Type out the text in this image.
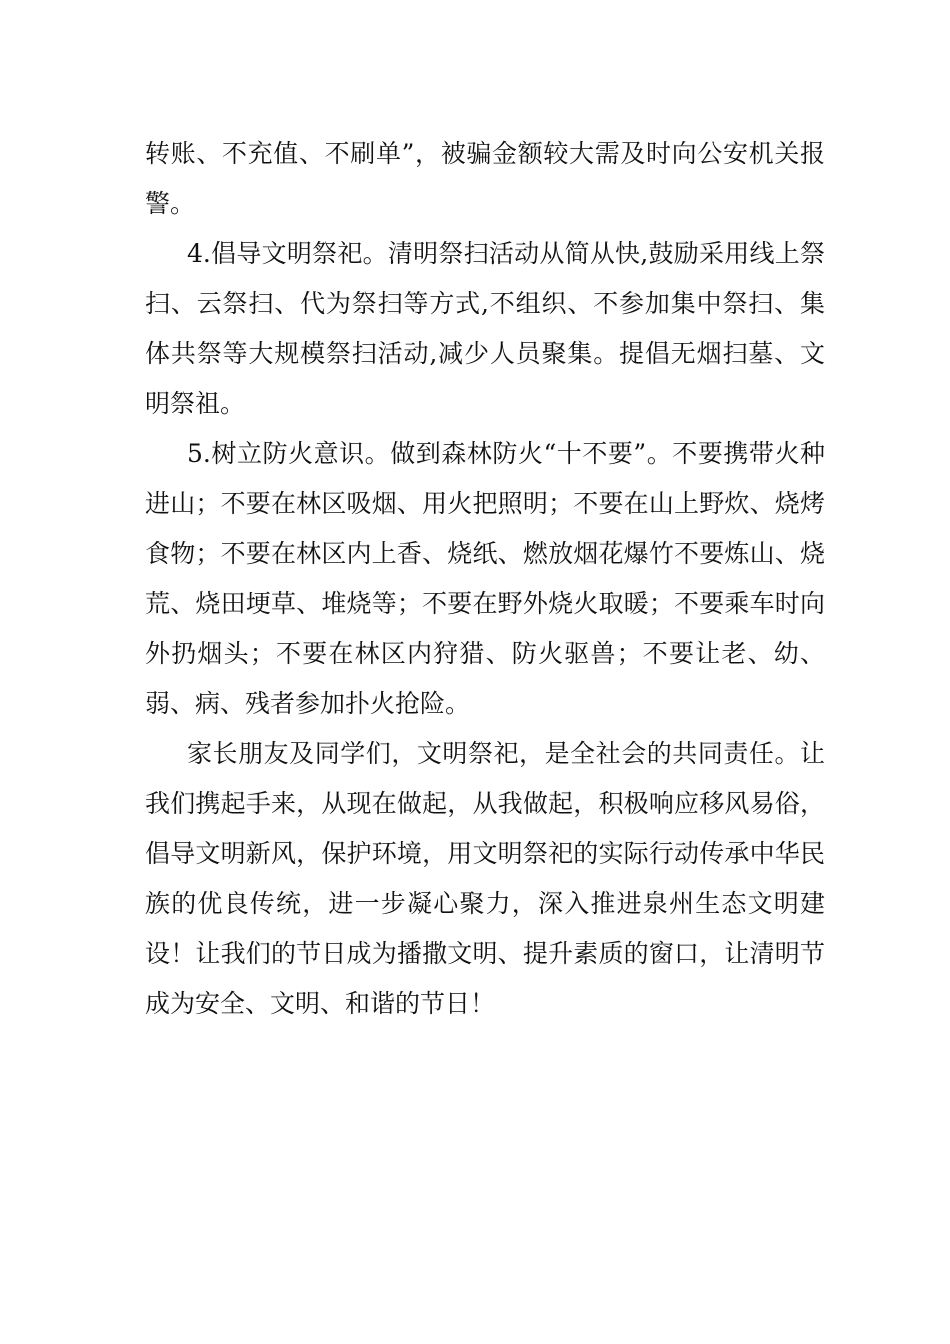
转账、不充值、不刷单”，被骗金额较大需及时向公安机关报警。

4.倡导文明祭祀。清明祭扫活动从简从快,鼓励采用线上祭扫、云祭扫、代为祭扫等方式,不组织、不参加集中祭扫、集体共祭等大规模祭扫活动,减少人员聚集。提倡无烟扫墓、文明祭祖。

5.树立防火意识。做到森林防火“十不要”。不要携带火种进山；不要在林区吸烟、用火把照明；不要在山上野炊、烧烤食物；不要在林区内上香、烧纸、燃放烟花爆竹不要炼山、烧荒、烧田埂草、堆烧等；不要在野外烧火取暖；不要乘车时向外扔烟头；不要在林区内狩猎、防火驱兽；不要让老、幼、弱、病、残者参加扑火抢险。

家长朋友及同学们，文明祭祀，是全社会的共同责任。让我们携起手来，从现在做起，从我做起，积极响应移风易俗，倡导文明新风，保护环境，用文明祭祀的实际行动传承中华民族的优良传统，进一步凝心聚力，深入推进泉州生态文明建设！让我们的节日成为播撒文明、提升素质的窗口，让清明节成为安全、文明、和谐的节日！
